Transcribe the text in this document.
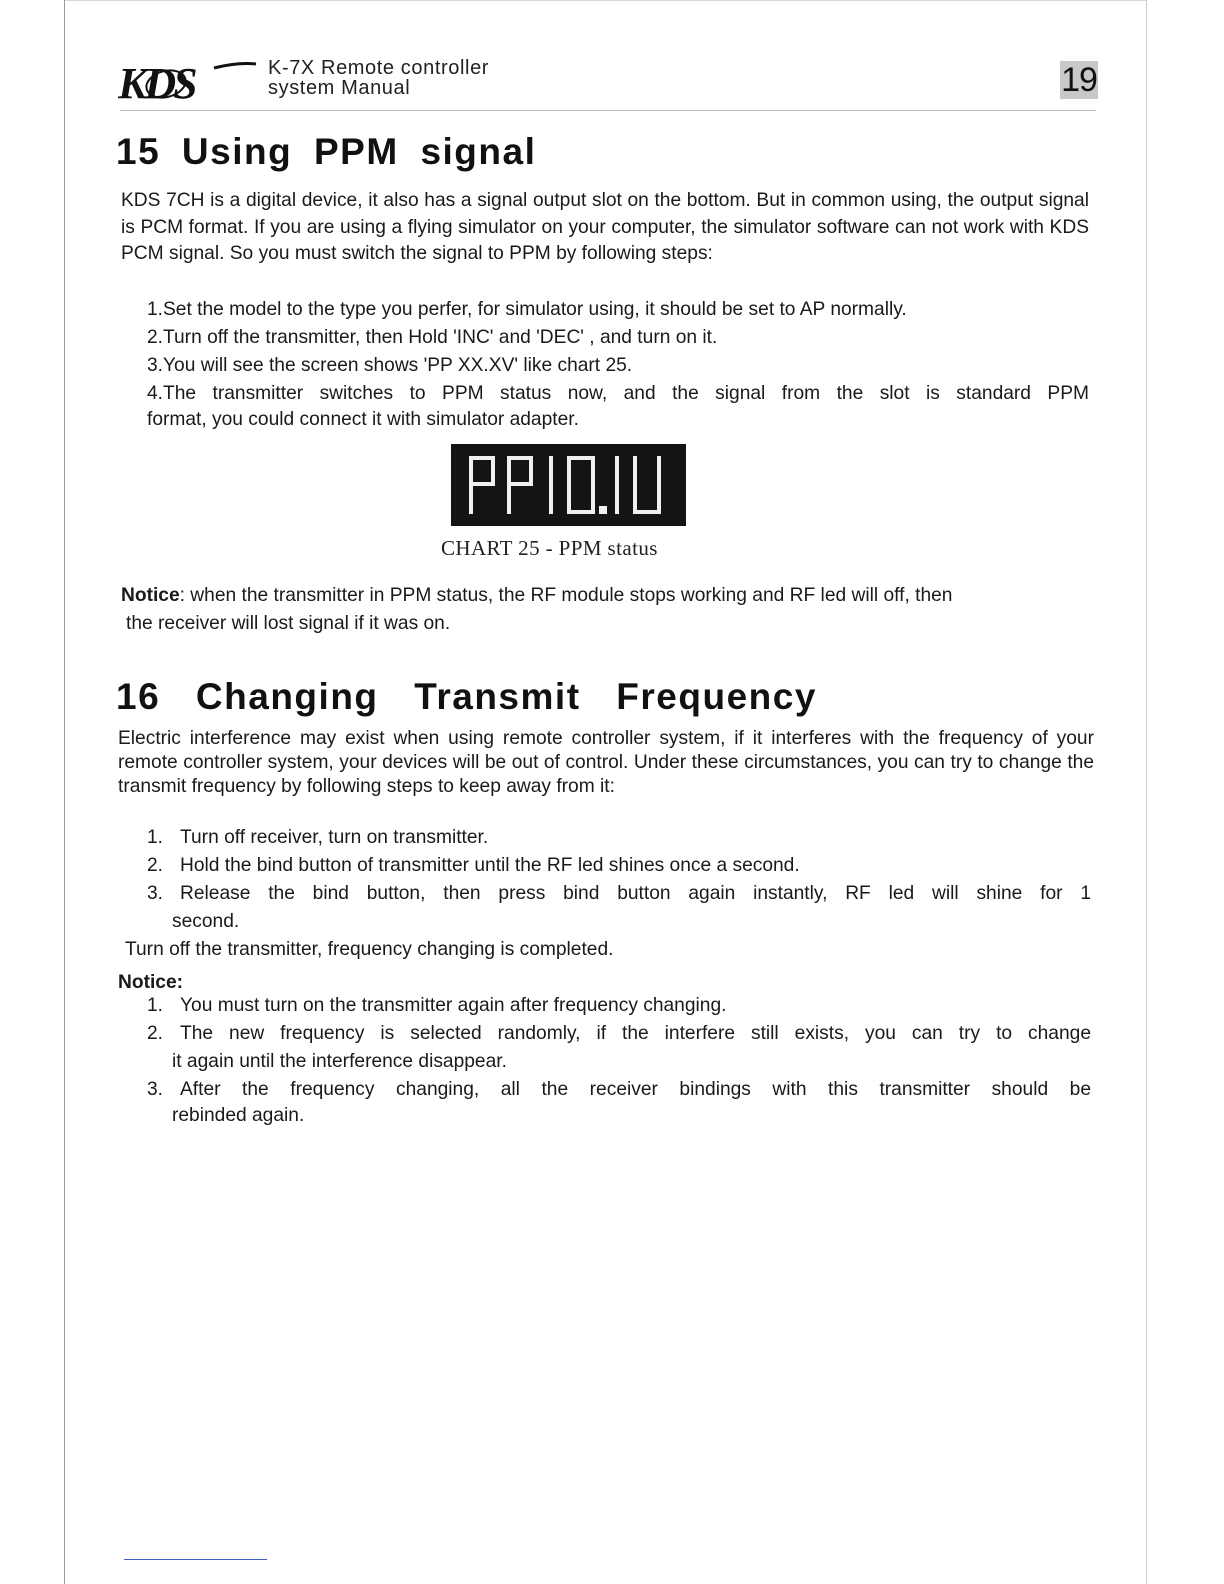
KDS	K-7X Remote controller
system Manual	19
15 Using PPM signal

KDS 7CH is a digital device, it also has a signal output slot on the bottom. But in common using, the output signal is PCM format. If you are using a flying simulator on your computer, the simulator software can not work with KDS PCM signal. So you must switch the signal to PPM by following steps:

1.Set the model to the type you perfer, for simulator using, it should be set to AP normally.

2.Turn off the transmitter, then Hold 'INC' and 'DEC' , and turn on it.

3.You will see the screen shows 'PP XX.XV' like chart 25.

4.The transmitter switches to PPM status now, and the signal from the slot is standard PPM

format, you could connect it with simulator adapter.

CHART 25 - PPM status

Notice: when the transmitter in PPM status, the RF module stops working and RF led will off, then

the receiver will lost signal if it was on.

16 Changing Transmit Frequency

Electric interference may exist when using remote controller system, if it interferes with the frequency of your remote controller system, your devices will be out of control. Under these circumstances, you can try to change the transmit frequency by following steps to keep away from it:

1. Turn off receiver, turn on transmitter.

2. Hold the bind button of transmitter until the RF led shines once a second.

3. Release the bind button, then press bind button again instantly, RF led will shine for 1

second.

Turn off the transmitter, frequency changing is completed.

Notice:

1. You must turn on the transmitter again after frequency changing.

2. The new frequency is selected randomly, if the interfere still exists, you can try to change

it again until the interference disappear.

3. After the frequency changing, all the receiver bindings with this transmitter should be

rebinded again.
